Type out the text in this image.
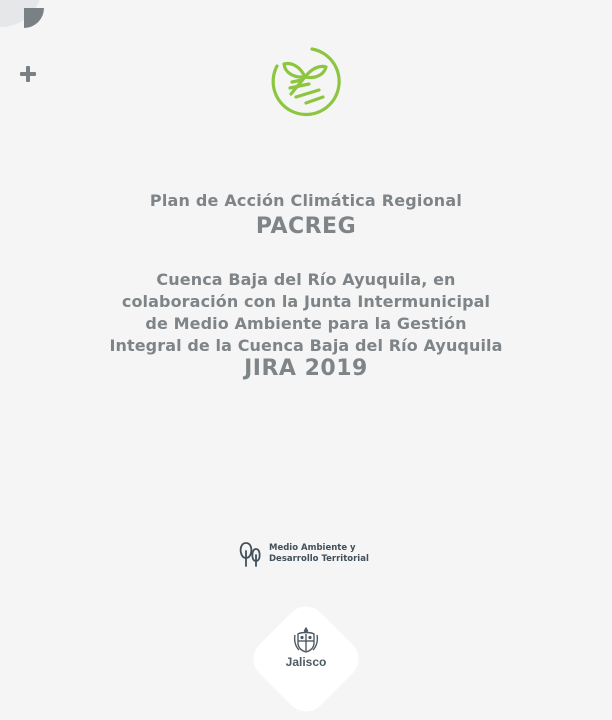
Plan de Acción Climática Regional
PACREG
Cuenca Baja del Río Ayuquila, en
colaboración con la Junta Intermunicipal
de Medio Ambiente para la Gestión
Integral de la Cuenca Baja del Río Ayuquila
JIRA 2019
Medio Ambiente y
Desarrollo Territorial
Jalisco
